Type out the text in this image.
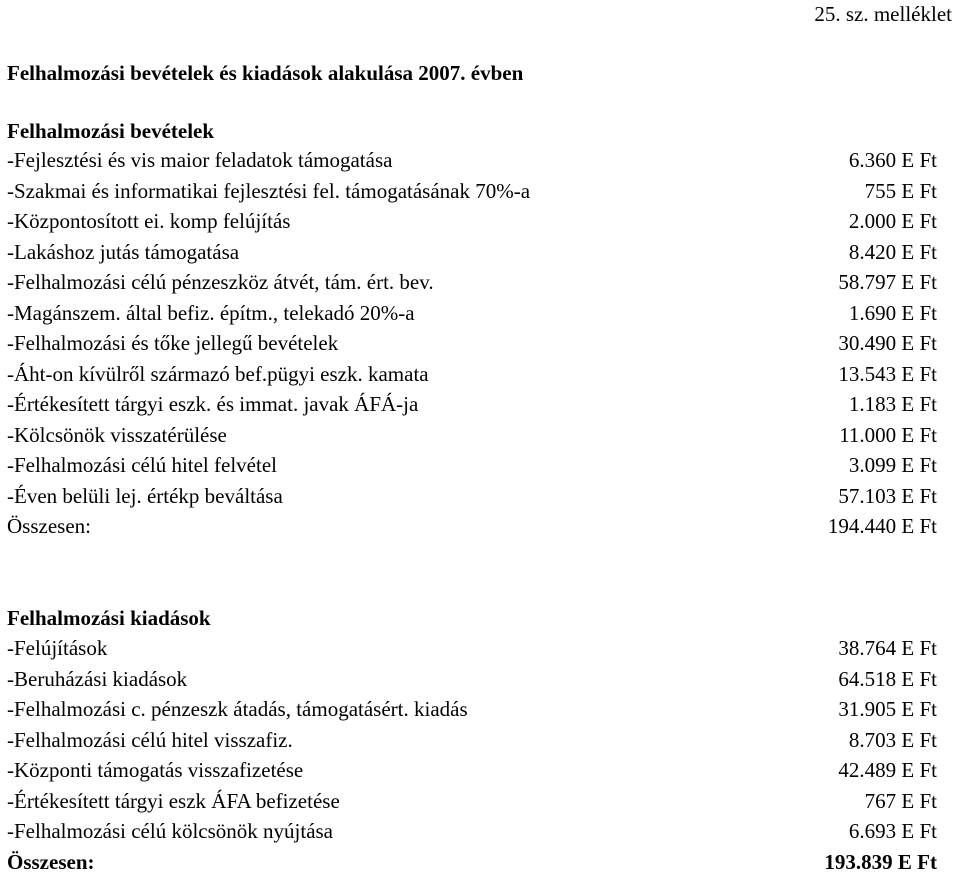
25. sz. melléklet
Felhalmozási bevételek és kiadások alakulása 2007. évben
Felhalmozási bevételek
-Fejlesztési és vis maior feladatok támogatása	6.360 E Ft
-Szakmai és informatikai fejlesztési fel. támogatásának 70%-a	755 E Ft
-Központosított ei. komp felújítás	2.000 E Ft
-Lakáshoz jutás támogatása	8.420 E Ft
-Felhalmozási célú pénzeszköz átvét, tám. ért. bev.	58.797 E Ft
-Magánszem. által befiz. építm., telekadó 20%-a	1.690 E Ft
-Felhalmozási és tőke jellegű bevételek	30.490 E Ft
-Áht-on kívülről származó bef.pügyi eszk. kamata	13.543 E Ft
-Értékesített tárgyi eszk. és immat. javak ÁFÁ-ja	1.183 E Ft
-Kölcsönök visszatérülése	11.000 E Ft
-Felhalmozási célú hitel felvétel	3.099 E Ft
-Éven belüli lej. értékp beváltása	57.103 E Ft
Összesen:	194.440 E Ft
Felhalmozási kiadások
-Felújítások	38.764 E Ft
-Beruházási kiadások	64.518 E Ft
-Felhalmozási c. pénzeszk átadás, támogatásért. kiadás	31.905 E Ft
-Felhalmozási célú hitel visszafiz.	8.703 E Ft
-Központi támogatás visszafizetése	42.489 E Ft
-Értékesített tárgyi eszk ÁFA befizetése	767 E Ft
-Felhalmozási célú kölcsönök nyújtása	6.693 E Ft
Összesen:	193.839 E Ft
